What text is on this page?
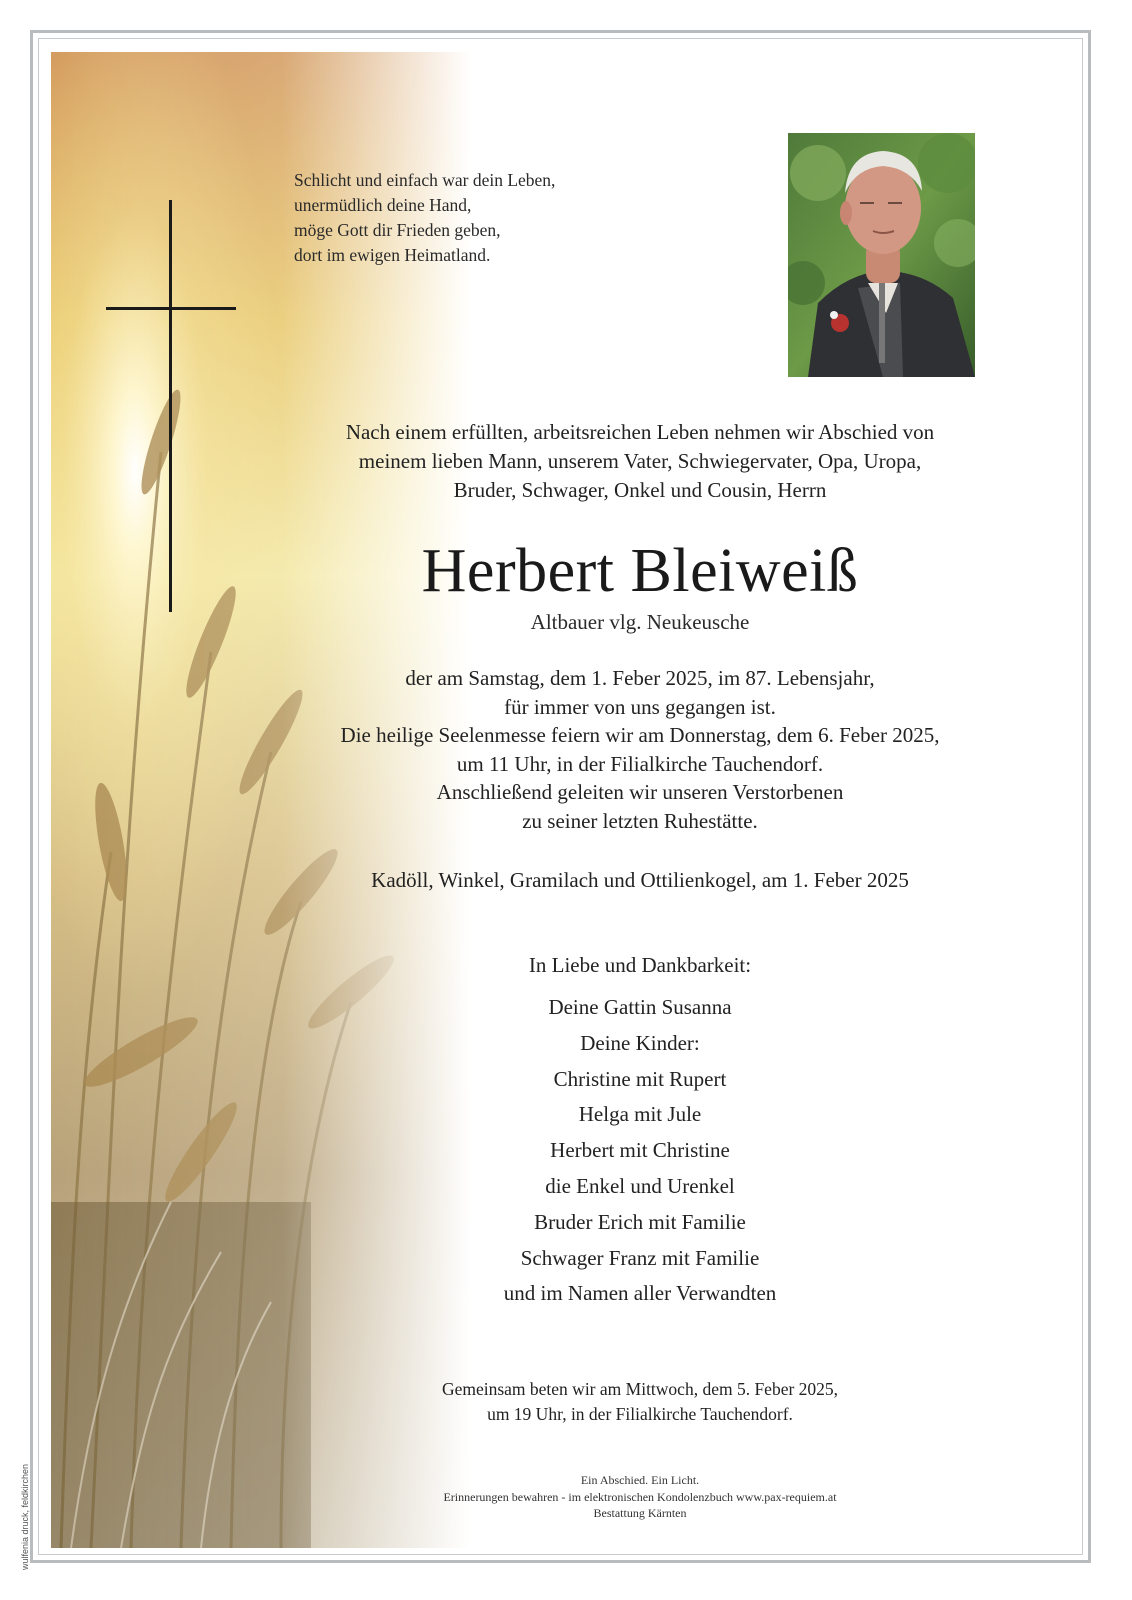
Schlicht und einfach war dein Leben,
unermüdlich deine Hand,
möge Gott dir Frieden geben,
dort im ewigen Heimatland.
Nach einem erfüllten, arbeitsreichen Leben nehmen wir Abschied von
meinem lieben Mann, unserem Vater, Schwiegervater, Opa, Uropa,
Bruder, Schwager, Onkel und Cousin, Herrn
Herbert Bleiweiß
Altbauer vlg. Neukeusche
der am Samstag, dem 1. Feber 2025, im 87. Lebensjahr,
für immer von uns gegangen ist.
Die heilige Seelenmesse feiern wir am Donnerstag, dem 6. Feber 2025,
um 11 Uhr, in der Filialkirche Tauchendorf.
Anschließend geleiten wir unseren Verstorbenen
zu seiner letzten Ruhestätte.
Kadöll, Winkel, Gramilach und Ottilienkogel, am 1. Feber 2025
In Liebe und Dankbarkeit:
Deine Gattin Susanna
Deine Kinder:
Christine mit Rupert
Helga mit Jule
Herbert mit Christine
die Enkel und Urenkel
Bruder Erich mit Familie
Schwager Franz mit Familie
und im Namen aller Verwandten
Gemeinsam beten wir am Mittwoch, dem 5. Feber 2025,
um 19 Uhr, in der Filialkirche Tauchendorf.
Ein Abschied. Ein Licht.
Erinnerungen bewahren - im elektronischen Kondolenzbuch www.pax-requiem.at
Bestattung Kärnten
wulfenia druck, feldkirchen
